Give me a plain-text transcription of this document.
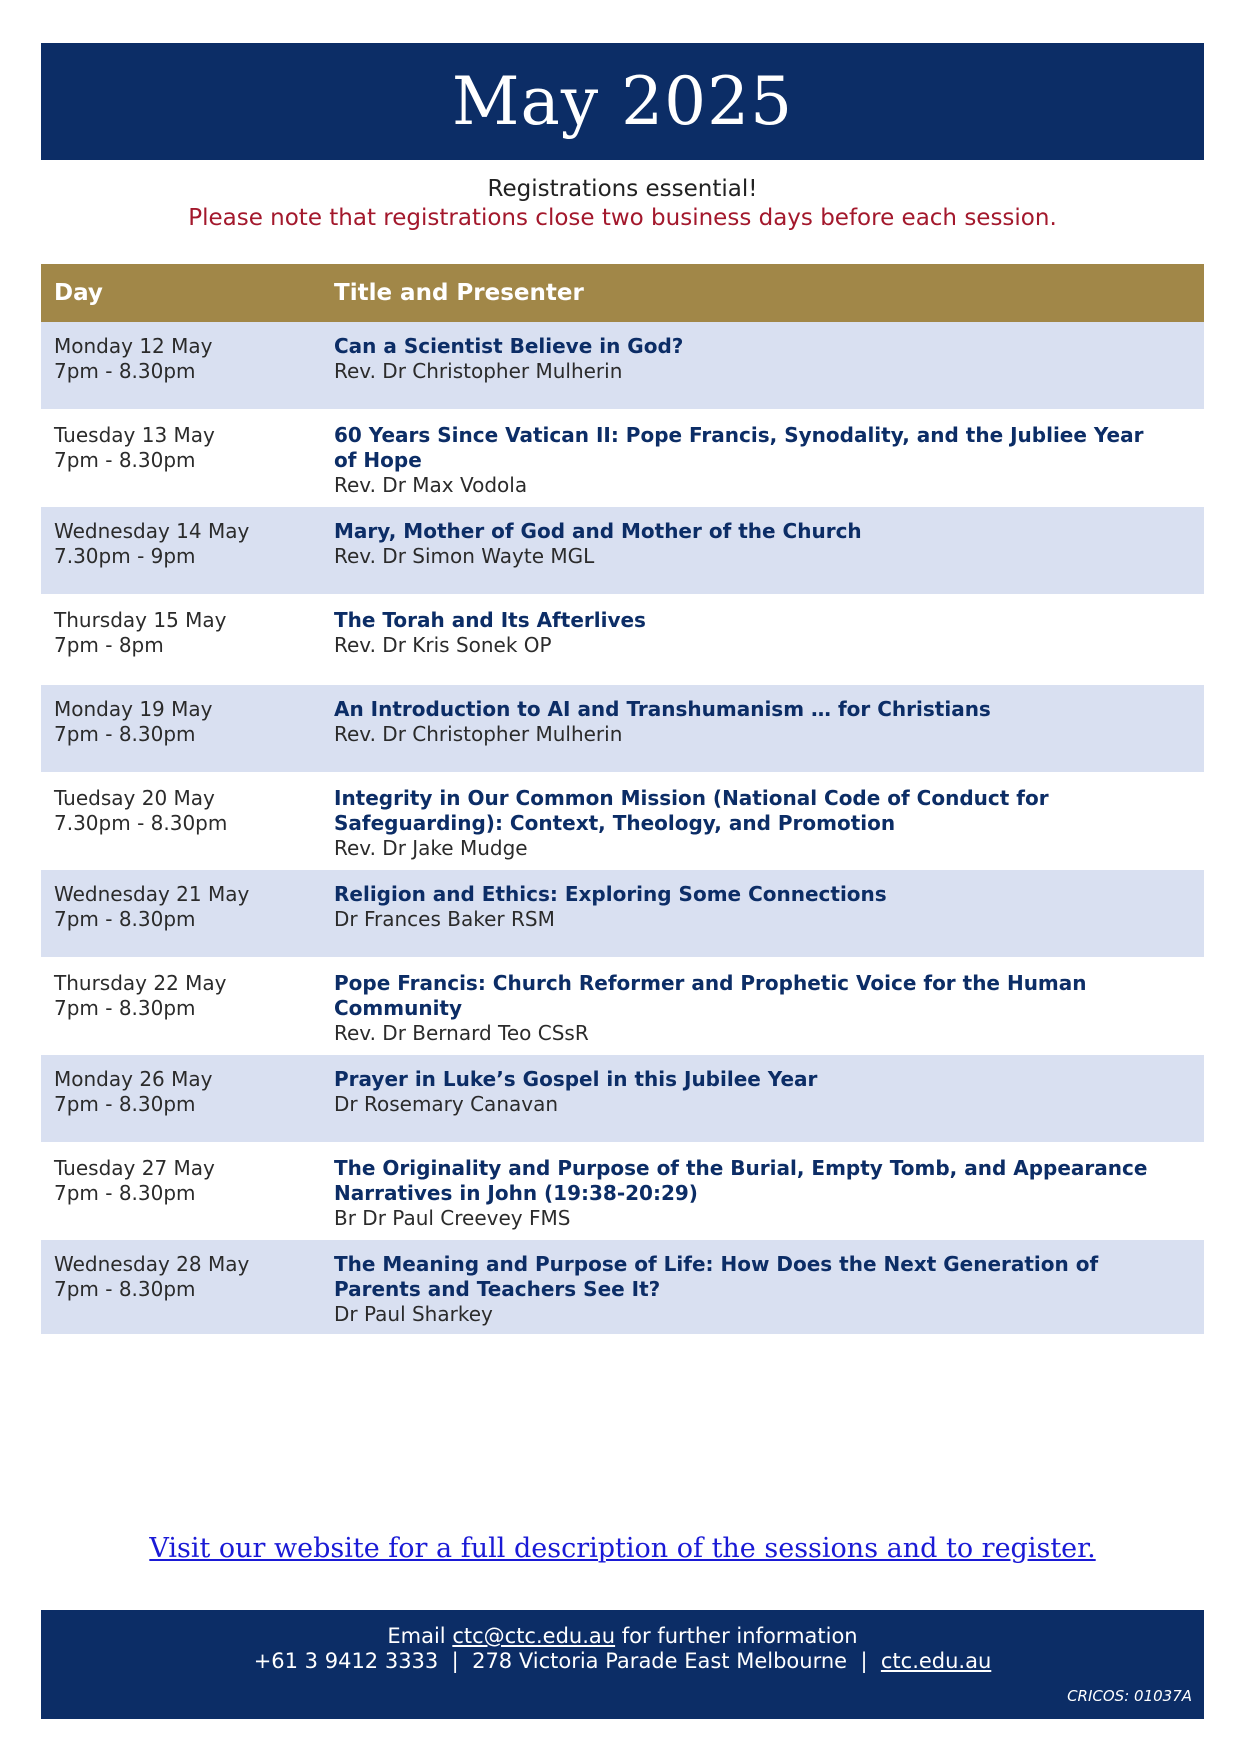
May 2025
Registrations essential!
Please note that registrations close two business days before each session.
Day	Title and Presenter
Monday 12 May
7pm - 8.30pm
Can a Scientist Believe in God?
Rev. Dr Christopher Mulherin
Tuesday 13 May
7pm - 8.30pm
60 Years Since Vatican II: Pope Francis, Synodality, and the Jubliee Year of Hope
Rev. Dr Max Vodola
Wednesday 14 May
7.30pm - 9pm
Mary, Mother of God and Mother of the Church
Rev. Dr Simon Wayte MGL
Thursday 15 May
7pm - 8pm
The Torah and Its Afterlives
Rev. Dr Kris Sonek OP
Monday 19 May
7pm - 8.30pm
An Introduction to AI and Transhumanism … for Christians
Rev. Dr Christopher Mulherin
Tuedsay 20 May
7.30pm - 8.30pm
Integrity in Our Common Mission (National Code of Conduct for Safeguarding): Context, Theology, and Promotion
Rev. Dr Jake Mudge
Wednesday 21 May
7pm - 8.30pm
Religion and Ethics: Exploring Some Connections
Dr Frances Baker RSM
Thursday 22 May
7pm - 8.30pm
Pope Francis: Church Reformer and Prophetic Voice for the Human Community
Rev. Dr Bernard Teo CSsR
Monday 26 May
7pm - 8.30pm
Prayer in Luke’s Gospel in this Jubilee Year
Dr Rosemary Canavan
Tuesday 27 May
7pm - 8.30pm
The Originality and Purpose of the Burial, Empty Tomb, and Appearance Narratives in John (19:38-20:29)
Br Dr Paul Creevey FMS
Wednesday 28 May
7pm - 8.30pm
The Meaning and Purpose of Life: How Does the Next Generation of Parents and Teachers See It?
Dr Paul Sharkey
Visit our website for a full description of the sessions and to register.
Email ctc@ctc.edu.au for further information
+61 3 9412 3333 | 278 Victoria Parade East Melbourne | ctc.edu.au
CRICOS: 01037A
